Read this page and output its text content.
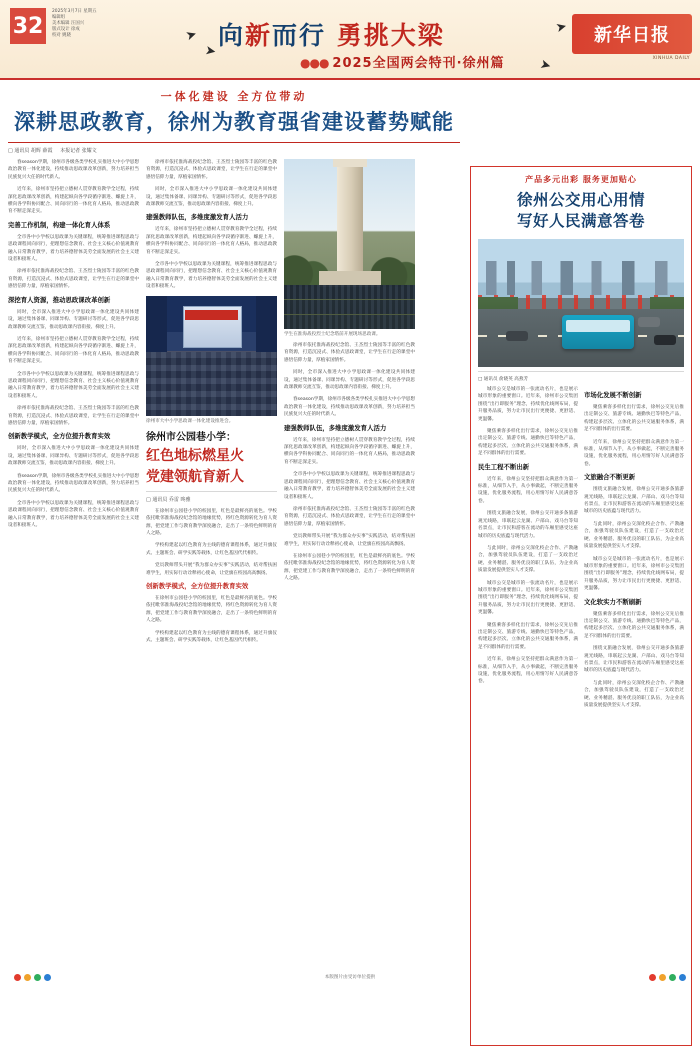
32
2025年3月7日 星期五
编辑组
美术编辑 汪国兴
版式设计 徐成
校对 姚晓	➤
➤
➤
➤
向新而行 勇挑大梁
●●● 2025全国两会特刊·徐州篇
新华日报
XINHUA DAILY
一体化建设 全方位带动
深耕思政教育，徐州为教育强省建设蓄势赋能
□ 通讯员 胡辉 薛霞 本报记者 张耀文

春season学期，徐州市各级各类学校扎实推进大中小学思想政治教育一体化建设，持续推动思政课改革创新，努力培养担当民族复兴大任的时代新人。

近年来，徐州市坚持把立德树人贯穿教育教学全过程，持续深化思政课改革创新，构建起纵向各学段循序渐进、螺旋上升，横向各学科协同配合、同向同行的一体化育人格局，推动思政教育不断走深走实。

完善工作机制，构建一体化育人体系

全市各中小学校以思政课为关键课程，统筹推进课程思政与思政课程同向同行，把理想信念教育、社会主义核心价值观教育融入日常教育教学，着力培养德智体美劳全面发展的社会主义建设者和接班人。

徐州市依托淮海战役纪念馆、王杰烈士陵园等丰富的红色教育资源，打造沉浸式、体验式思政课堂，让学生在行走的课堂中感悟信仰力量，厚植家国情怀。

深挖育人资源，推动思政课改革创新

同时，全市深入推进大中小学思政课一体化建设共同体建设，通过集体备课、同课异构、专题研讨等形式，促进各学段思政课教师交流互鉴，推动思政课内容衔接、梯度上升。

近年来，徐州市坚持把立德树人贯穿教育教学全过程，持续深化思政课改革创新，构建起纵向各学段循序渐进、螺旋上升，横向各学科协同配合、同向同行的一体化育人格局，推动思政教育不断走深走实。

全市各中小学校以思政课为关键课程，统筹推进课程思政与思政课程同向同行，把理想信念教育、社会主义核心价值观教育融入日常教育教学，着力培养德智体美劳全面发展的社会主义建设者和接班人。

徐州市依托淮海战役纪念馆、王杰烈士陵园等丰富的红色教育资源，打造沉浸式、体验式思政课堂，让学生在行走的课堂中感悟信仰力量，厚植家国情怀。

创新教学模式，全方位提升教育实效

同时，全市深入推进大中小学思政课一体化建设共同体建设，通过集体备课、同课异构、专题研讨等形式，促进各学段思政课教师交流互鉴，推动思政课内容衔接、梯度上升。

春season学期，徐州市各级各类学校扎实推进大中小学思想政治教育一体化建设，持续推动思政课改革创新，努力培养担当民族复兴大任的时代新人。

全市各中小学校以思政课为关键课程，统筹推进课程思政与思政课程同向同行，把理想信念教育、社会主义核心价值观教育融入日常教育教学，着力培养德智体美劳全面发展的社会主义建设者和接班人。

徐州市依托淮海战役纪念馆、王杰烈士陵园等丰富的红色教育资源，打造沉浸式、体验式思政课堂，让学生在行走的课堂中感悟信仰力量，厚植家国情怀。

同时，全市深入推进大中小学思政课一体化建设共同体建设，通过集体备课、同课异构、专题研讨等形式，促进各学段思政课教师交流互鉴，推动思政课内容衔接、梯度上升。

建强教师队伍，多维度激发育人活力

近年来，徐州市坚持把立德树人贯穿教育教学全过程，持续深化思政课改革创新，构建起纵向各学段循序渐进、螺旋上升，横向各学科协同配合、同向同行的一体化育人格局，推动思政教育不断走深走实。

全市各中小学校以思政课为关键课程，统筹推进课程思政与思政课程同向同行，把理想信念教育、社会主义核心价值观教育融入日常教育教学，着力培养德智体美劳全面发展的社会主义建设者和接班人。

徐州市大中小学思政课一体化建设推进会。
徐州市公园巷小学：
红色地标燃星火
党建领航育新人
□ 通讯员 乔雷 咚雅

在徐州市公园巷小学的校园里，红色是最鲜亮的底色。学校依托毗邻淮海战役纪念馆的地缘优势，将红色资源转化为育人资源，把党建工作与教育教学深度融合，走出了一条特色鲜明的育人之路。

学校构建起以红色教育为主线的德育课程体系，通过升旗仪式、主题班会、研学实践等载体，让红色基因代代相传。

党员教师带头开展“我为群众办实事”实践活动，结对帮扶困难学生，用实际行动诠释初心使命，让党旗在校园高高飘扬。

创新教学模式，全方位提升教育实效

在徐州市公园巷小学的校园里，红色是最鲜亮的底色。学校依托毗邻淮海战役纪念馆的地缘优势，将红色资源转化为育人资源，把党建工作与教育教学深度融合，走出了一条特色鲜明的育人之路。

学校构建起以红色教育为主线的德育课程体系，通过升旗仪式、主题班会、研学实践等载体，让红色基因代代相传。

学生在淮海战役烈士纪念塔前开展现场思政课。

徐州市依托淮海战役纪念馆、王杰烈士陵园等丰富的红色教育资源，打造沉浸式、体验式思政课堂，让学生在行走的课堂中感悟信仰力量，厚植家国情怀。

同时，全市深入推进大中小学思政课一体化建设共同体建设，通过集体备课、同课异构、专题研讨等形式，促进各学段思政课教师交流互鉴，推动思政课内容衔接、梯度上升。

春season学期，徐州市各级各类学校扎实推进大中小学思想政治教育一体化建设，持续推动思政课改革创新，努力培养担当民族复兴大任的时代新人。

建强教师队伍，多维度激发育人活力

近年来，徐州市坚持把立德树人贯穿教育教学全过程，持续深化思政课改革创新，构建起纵向各学段循序渐进、螺旋上升，横向各学科协同配合、同向同行的一体化育人格局，推动思政教育不断走深走实。

全市各中小学校以思政课为关键课程，统筹推进课程思政与思政课程同向同行，把理想信念教育、社会主义核心价值观教育融入日常教育教学，着力培养德智体美劳全面发展的社会主义建设者和接班人。

徐州市依托淮海战役纪念馆、王杰烈士陵园等丰富的红色教育资源，打造沉浸式、体验式思政课堂，让学生在行走的课堂中感悟信仰力量，厚植家国情怀。

党员教师带头开展“我为群众办实事”实践活动，结对帮扶困难学生，用实际行动诠释初心使命，让党旗在校园高高飘扬。

在徐州市公园巷小学的校园里，红色是最鲜亮的底色。学校依托毗邻淮海战役纪念馆的地缘优势，将红色资源转化为育人资源，把党建工作与教育教学深度融合，走出了一条特色鲜明的育人之路。

产品多元出彩 服务更加贴心
徐州公交用心用情
写好人民满意答卷
□ 通讯员 俞晓英 高燕芳

城市公交是城市的一张流动名片，也是展示城市形象的重要窗口。近年来，徐州市公交集团围绕“出行即服务”理念，持续优化线网布局，提升服务品质，努力让市民出行更便捷、更舒适、更温馨。

聚焦乘客多样化出行需求，徐州公交先后推出定制公交、旅游专线、通勤快巴等特色产品，构建起多层次、立体化的公共交通服务体系，满足不同群体的出行需要。

民生工程不断出新

近年来，徐州公交坚持把群众满意作为第一标准，从细节入手，从小事做起，不断完善服务设施，优化服务流程，用心用情写好人民满意答卷。

围绕文旅融合发展，徐州公交开通多条旅游观光线路，串联起云龙湖、户部山、戏马台等知名景点，让市民和游客在流动的车厢里感受这座城市的历史底蕴与现代活力。

与此同时，徐州公交深化校企合作、产教融合，加强驾驶员队伍建设，打造了一支政治过硬、业务精湛、服务优良的职工队伍，为企业高质量发展提供坚实人才支撑。

城市公交是城市的一张流动名片，也是展示城市形象的重要窗口。近年来，徐州市公交集团围绕“出行即服务”理念，持续优化线网布局，提升服务品质，努力让市民出行更便捷、更舒适、更温馨。

聚焦乘客多样化出行需求，徐州公交先后推出定制公交、旅游专线、通勤快巴等特色产品，构建起多层次、立体化的公共交通服务体系，满足不同群体的出行需要。

近年来，徐州公交坚持把群众满意作为第一标准，从细节入手，从小事做起，不断完善服务设施，优化服务流程，用心用情写好人民满意答卷。

市场化发展不断创新

聚焦乘客多样化出行需求，徐州公交先后推出定制公交、旅游专线、通勤快巴等特色产品，构建起多层次、立体化的公共交通服务体系，满足不同群体的出行需要。

近年来，徐州公交坚持把群众满意作为第一标准，从细节入手，从小事做起，不断完善服务设施，优化服务流程，用心用情写好人民满意答卷。

文旅融合不断更新

围绕文旅融合发展，徐州公交开通多条旅游观光线路，串联起云龙湖、户部山、戏马台等知名景点，让市民和游客在流动的车厢里感受这座城市的历史底蕴与现代活力。

与此同时，徐州公交深化校企合作、产教融合，加强驾驶员队伍建设，打造了一支政治过硬、业务精湛、服务优良的职工队伍，为企业高质量发展提供坚实人才支撑。

城市公交是城市的一张流动名片，也是展示城市形象的重要窗口。近年来，徐州市公交集团围绕“出行即服务”理念，持续优化线网布局，提升服务品质，努力让市民出行更便捷、更舒适、更温馨。

文化软实力不断刷新

聚焦乘客多样化出行需求，徐州公交先后推出定制公交、旅游专线、通勤快巴等特色产品，构建起多层次、立体化的公共交通服务体系，满足不同群体的出行需要。

围绕文旅融合发展，徐州公交开通多条旅游观光线路，串联起云龙湖、户部山、戏马台等知名景点，让市民和游客在流动的车厢里感受这座城市的历史底蕴与现代活力。

与此同时，徐州公交深化校企合作、产教融合，加强驾驶员队伍建设，打造了一支政治过硬、业务精湛、服务优良的职工队伍，为企业高质量发展提供坚实人才支撑。

本版图片由受访单位提供
